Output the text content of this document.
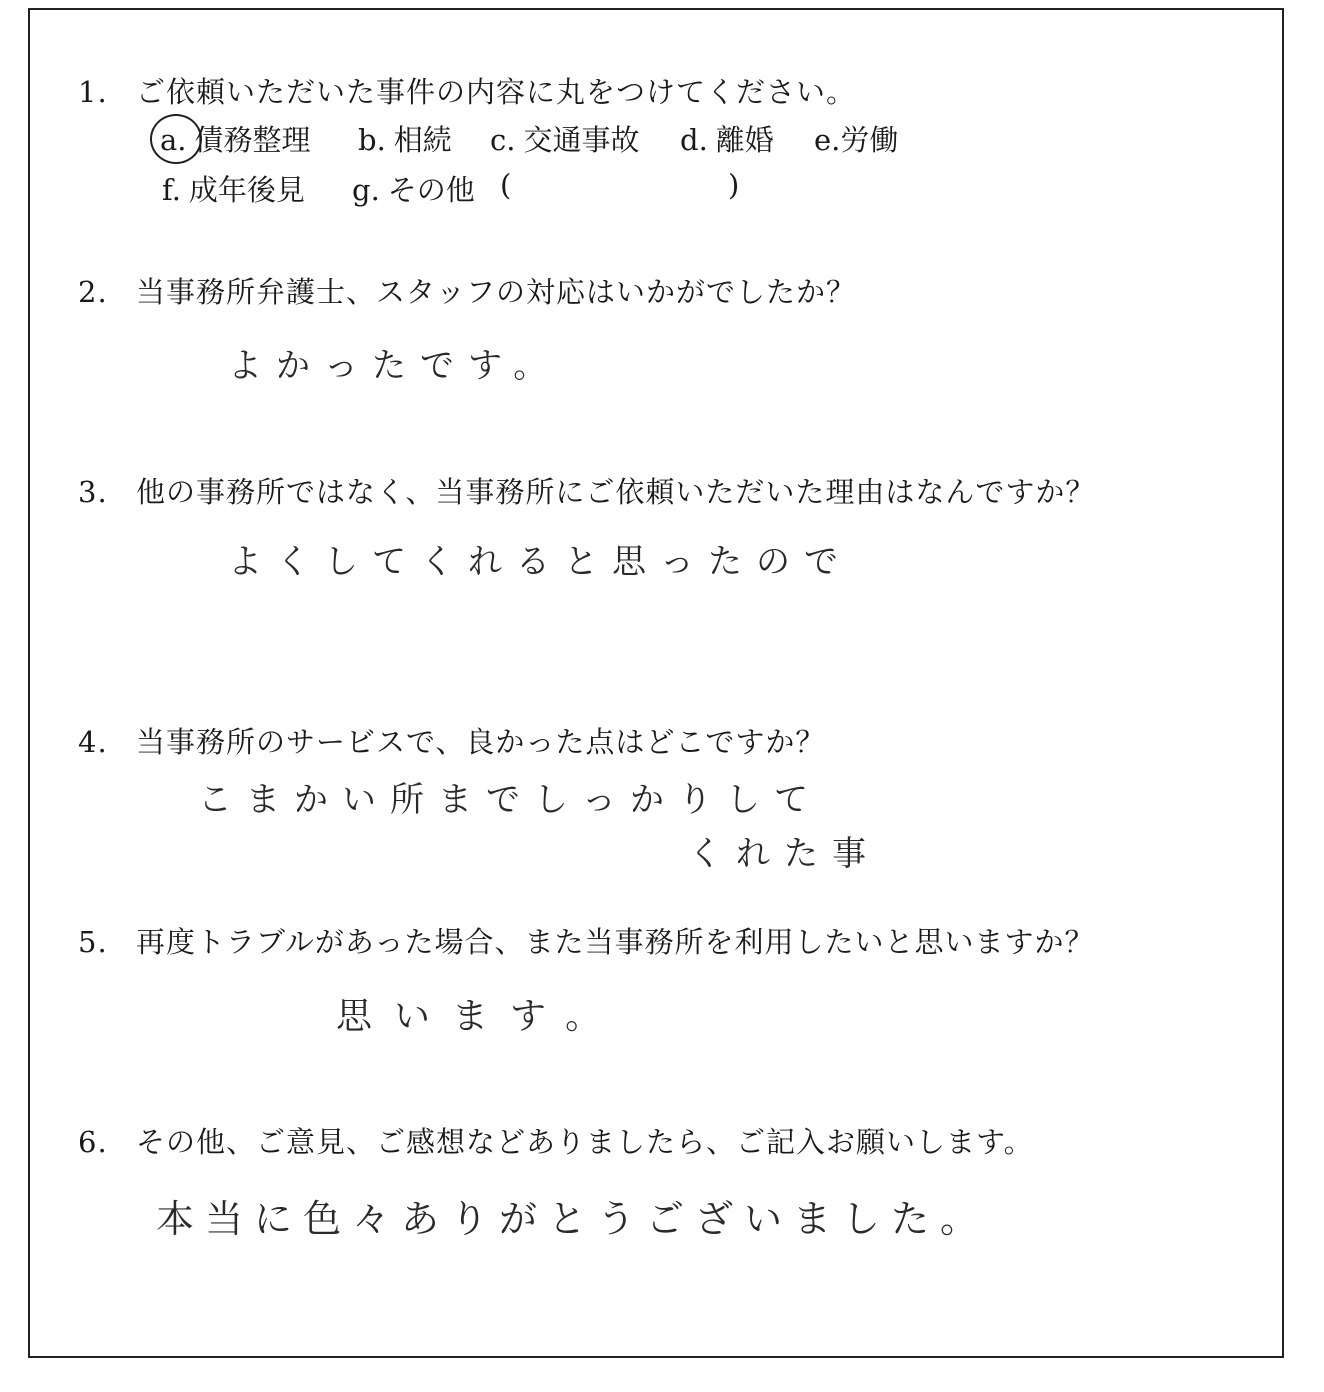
1. ご依頼いただいた事件の内容に丸をつけてください。
a. 債務整理 b. 相続 c. 交通事故 d. 離婚 e.労働
f. 成年後見 g. その他 (	)
2. 当事務所弁護士、スタッフの対応はいかがでしたか？
よかったです。
3. 他の事務所ではなく、当事務所にご依頼いただいた理由はなんですか？
よくしてくれると思ったので
4. 当事務所のサービスで、良かった点はどこですか？
こまかい所までしっかりして
くれた事
5. 再度トラブルがあった場合、また当事務所を利用したいと思いますか？
思います。
6. その他、ご意見、ご感想などありましたら、ご記入お願いします。
本当に色々ありがとうございました。
